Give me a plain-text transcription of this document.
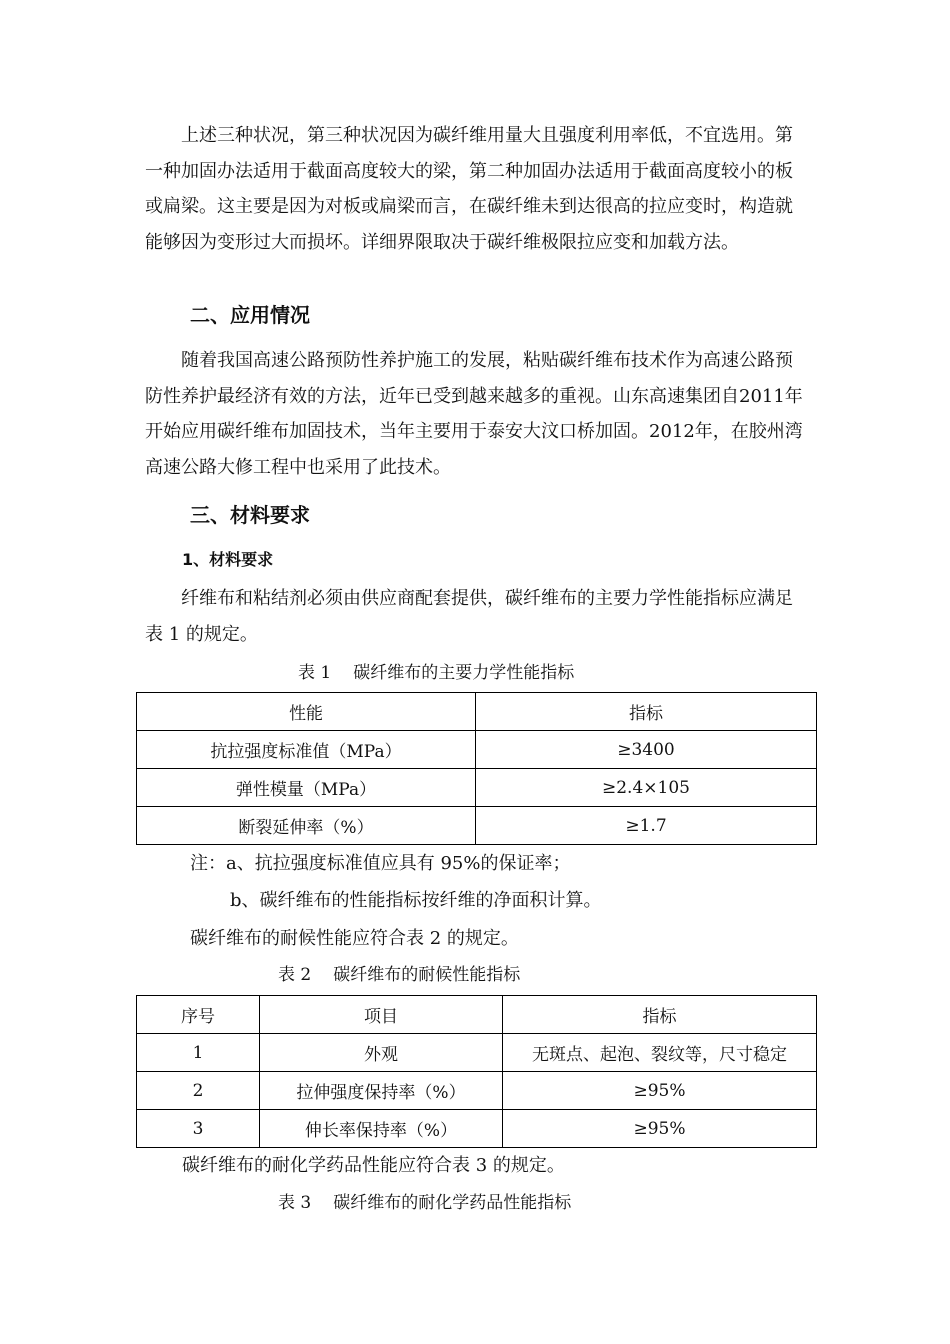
上述三种状况，第三种状况因为碳纤维用量大且强度利用率低，不宜选用。第一种加固办法适用于截面高度较大的梁，第二种加固办法适用于截面高度较小的板或扁梁。这主要是因为对板或扁梁而言，在碳纤维未到达很高的拉应变时，构造就能够因为变形过大而损坏。详细界限取决于碳纤维极限拉应变和加载方法。

二、应用情况

随着我国高速公路预防性养护施工的发展，粘贴碳纤维布技术作为高速公路预防性养护最经济有效的方法，近年已受到越来越多的重视。山东高速集团自2011年开始应用碳纤维布加固技术，当年主要用于泰安大汶口桥加固。2012年，在胶州湾高速公路大修工程中也采用了此技术。

三、材料要求
1、材料要求

纤维布和粘结剂必须由供应商配套提供，碳纤维布的主要力学性能指标应满足表 1 的规定。

表 1 碳纤维布的主要力学性能指标
性能	指标
抗拉强度标准值（MPa）	≥3400
弹性模量（MPa）	≥2.4×105
断裂延伸率（%）	≥1.7

注：a、抗拉强度标准值应具有 95%的保证率；

b、碳纤维布的性能指标按纤维的净面积计算。

碳纤维布的耐候性能应符合表 2 的规定。

表 2 碳纤维布的耐候性能指标
序号	项目	指标
1	外观	无斑点、起泡、裂纹等，尺寸稳定
2	拉伸强度保持率（%）	≥95%
3	伸长率保持率（%）	≥95%

碳纤维布的耐化学药品性能应符合表 3 的规定。

表 3 碳纤维布的耐化学药品性能指标
